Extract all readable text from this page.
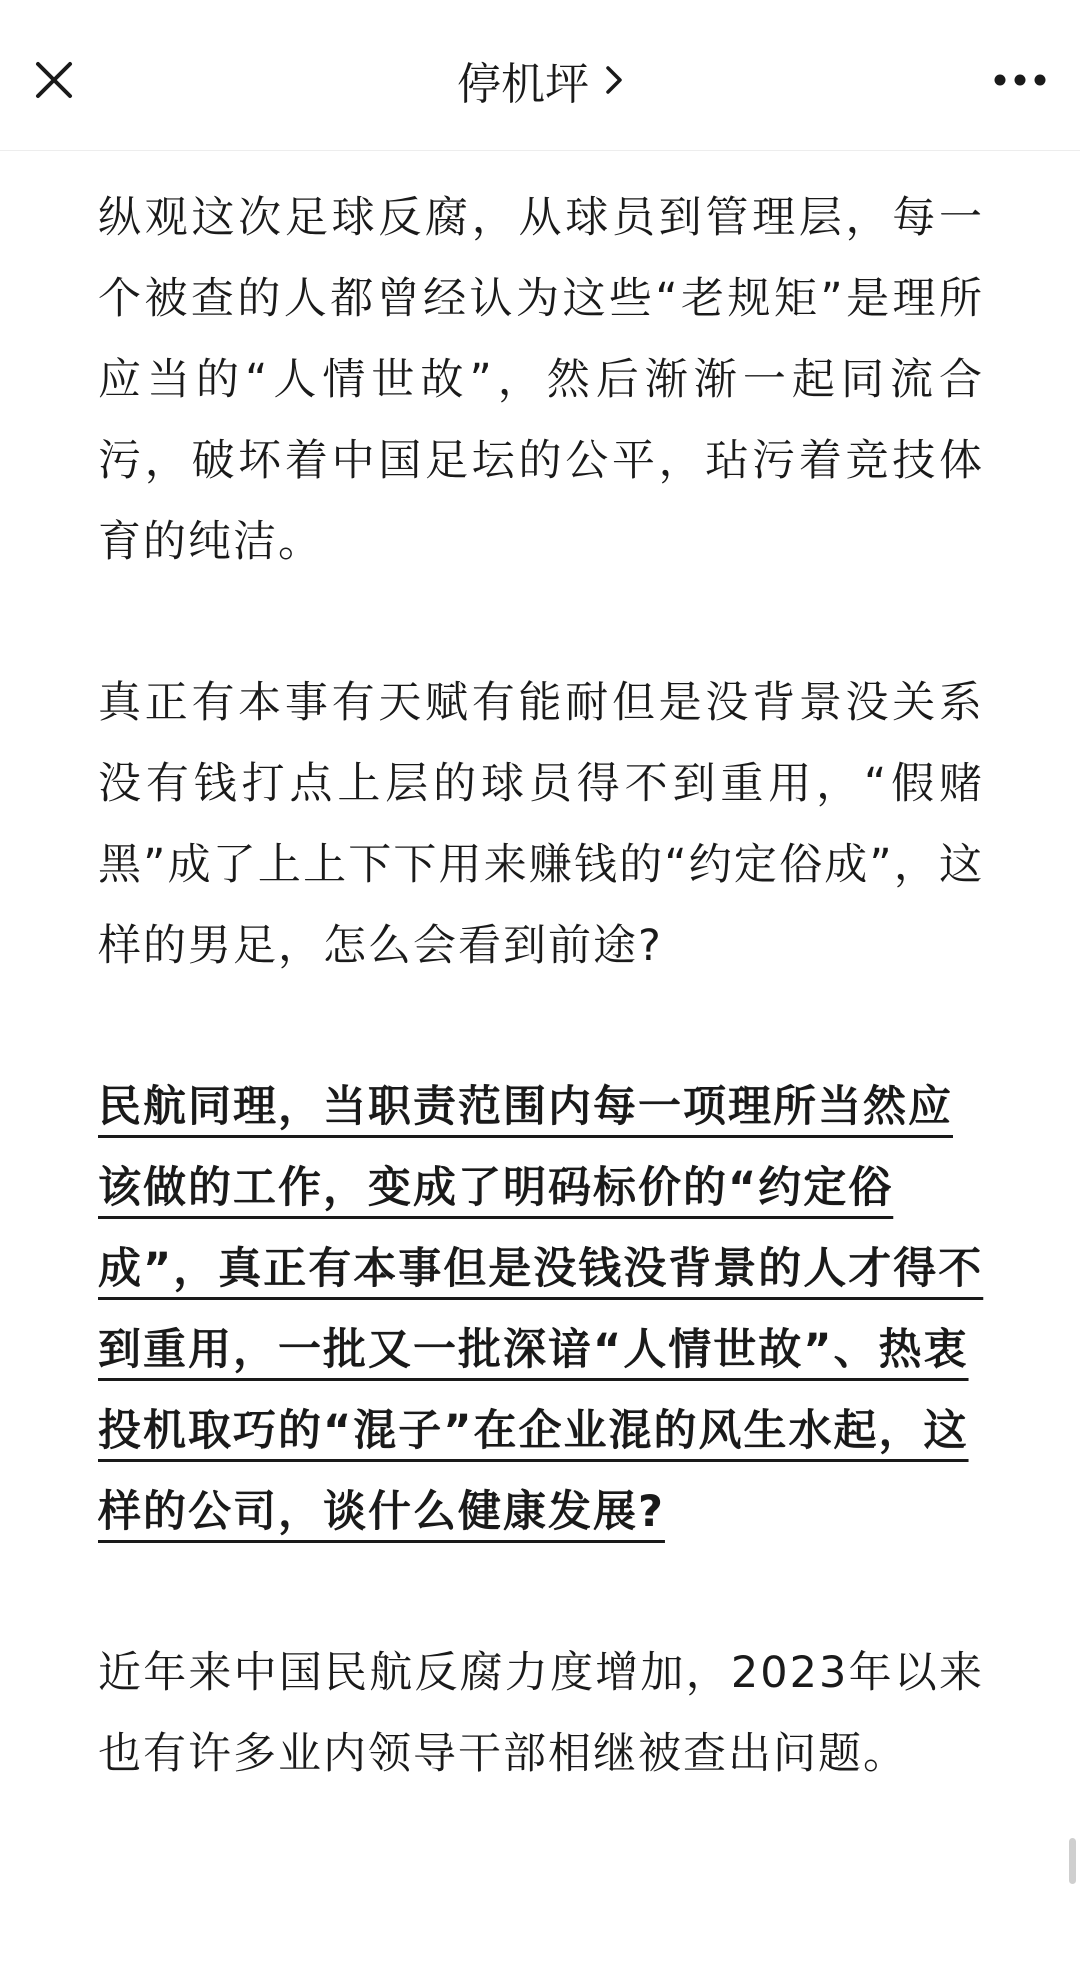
停机坪

纵观这次足球反腐，从球员到管理层，每一个被查的人都曾经认为这些“老规矩”是理所应当的“人情世故”，然后渐渐一起同流合污，破坏着中国足坛的公平，玷污着竞技体育的纯洁。

真正有本事有天赋有能耐但是没背景没关系没有钱打点上层的球员得不到重用，“假赌黑”成了上上下下用来赚钱的“约定俗成”，这样的男足，怎么会看到前途?

民航同理，当职责范围内每一项理所当然应该做的工作，变成了明码标价的“约定俗成”，真正有本事但是没钱没背景的人才得不到重用，一批又一批深谙“人情世故”、热衷投机取巧的“混子”在企业混的风生水起，这样的公司，谈什么健康发展?

近年来中国民航反腐力度增加，2023年以来也有许多业内领导干部相继被查出问题。
